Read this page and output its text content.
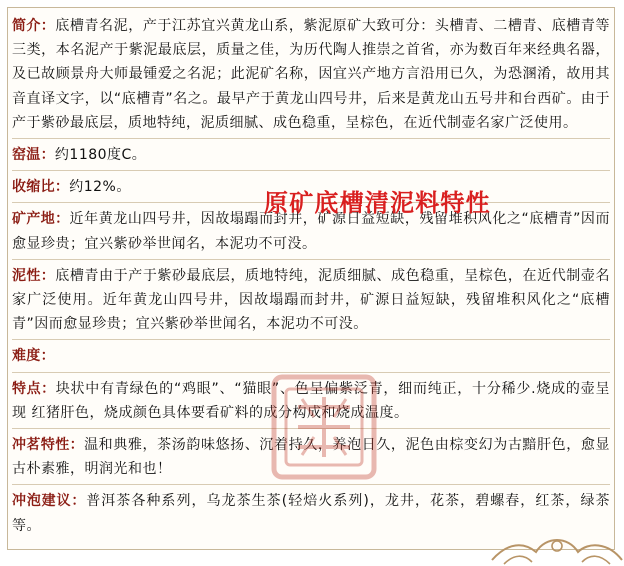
简介：底槽青名泥，产于江苏宜兴黄龙山系，紫泥原矿大致可分：头槽青、二槽青、底槽青等三类，本名泥产于紫泥最底层，质量之佳，为历代陶人推崇之首省，亦为数百年来经典名器，及已故顾景舟大师最锺爱之名泥；此泥矿名称，因宜兴产地方言沿用已久，为恐溷淆，故用其音直译文字，以“底槽青”名之。最早产于黄龙山四号井，后来是黄龙山五号井和台西矿。由于产于紫砂最底层，质地特纯，泥质细腻、成色稳重，呈棕色，在近代制壶名家广泛使用。

窑温：约1180度C。

收缩比：约12%。

矿产地：近年黄龙山四号井，因故塌蹋而封井，矿源日益短缺，残留堆积风化之“底槽青”因而愈显珍贵；宜兴紫砂举世闻名，本泥功不可没。

泥性：底槽青由于产于紫砂最底层，质地特纯，泥质细腻、成色稳重，呈棕色，在近代制壶名家广泛使用。近年黄龙山四号井，因故塌蹋而封井，矿源日益短缺，残留堆积风化之“底槽青”因而愈显珍贵；宜兴紫砂举世闻名，本泥功不可没。

难度：

特点：块状中有青绿色的“鸡眼”、“猫眼”、色呈偏紫泛青，细而纯正，十分稀少.烧成的壶呈现 红猪肝色，烧成颜色具体要看矿料的成分构成和烧成温度。

冲茗特性：温和典雅，茶汤韵味悠扬、沉着持久，养泡日久，泥色由棕变幻为古黯肝色，愈显古朴素雅，明润光和也！

冲泡建议：普洱茶各种系列，乌龙茶生茶(轻焙火系列)，龙井，花茶，碧螺春，红茶，绿茶等。

原矿底槽清泥料特性
